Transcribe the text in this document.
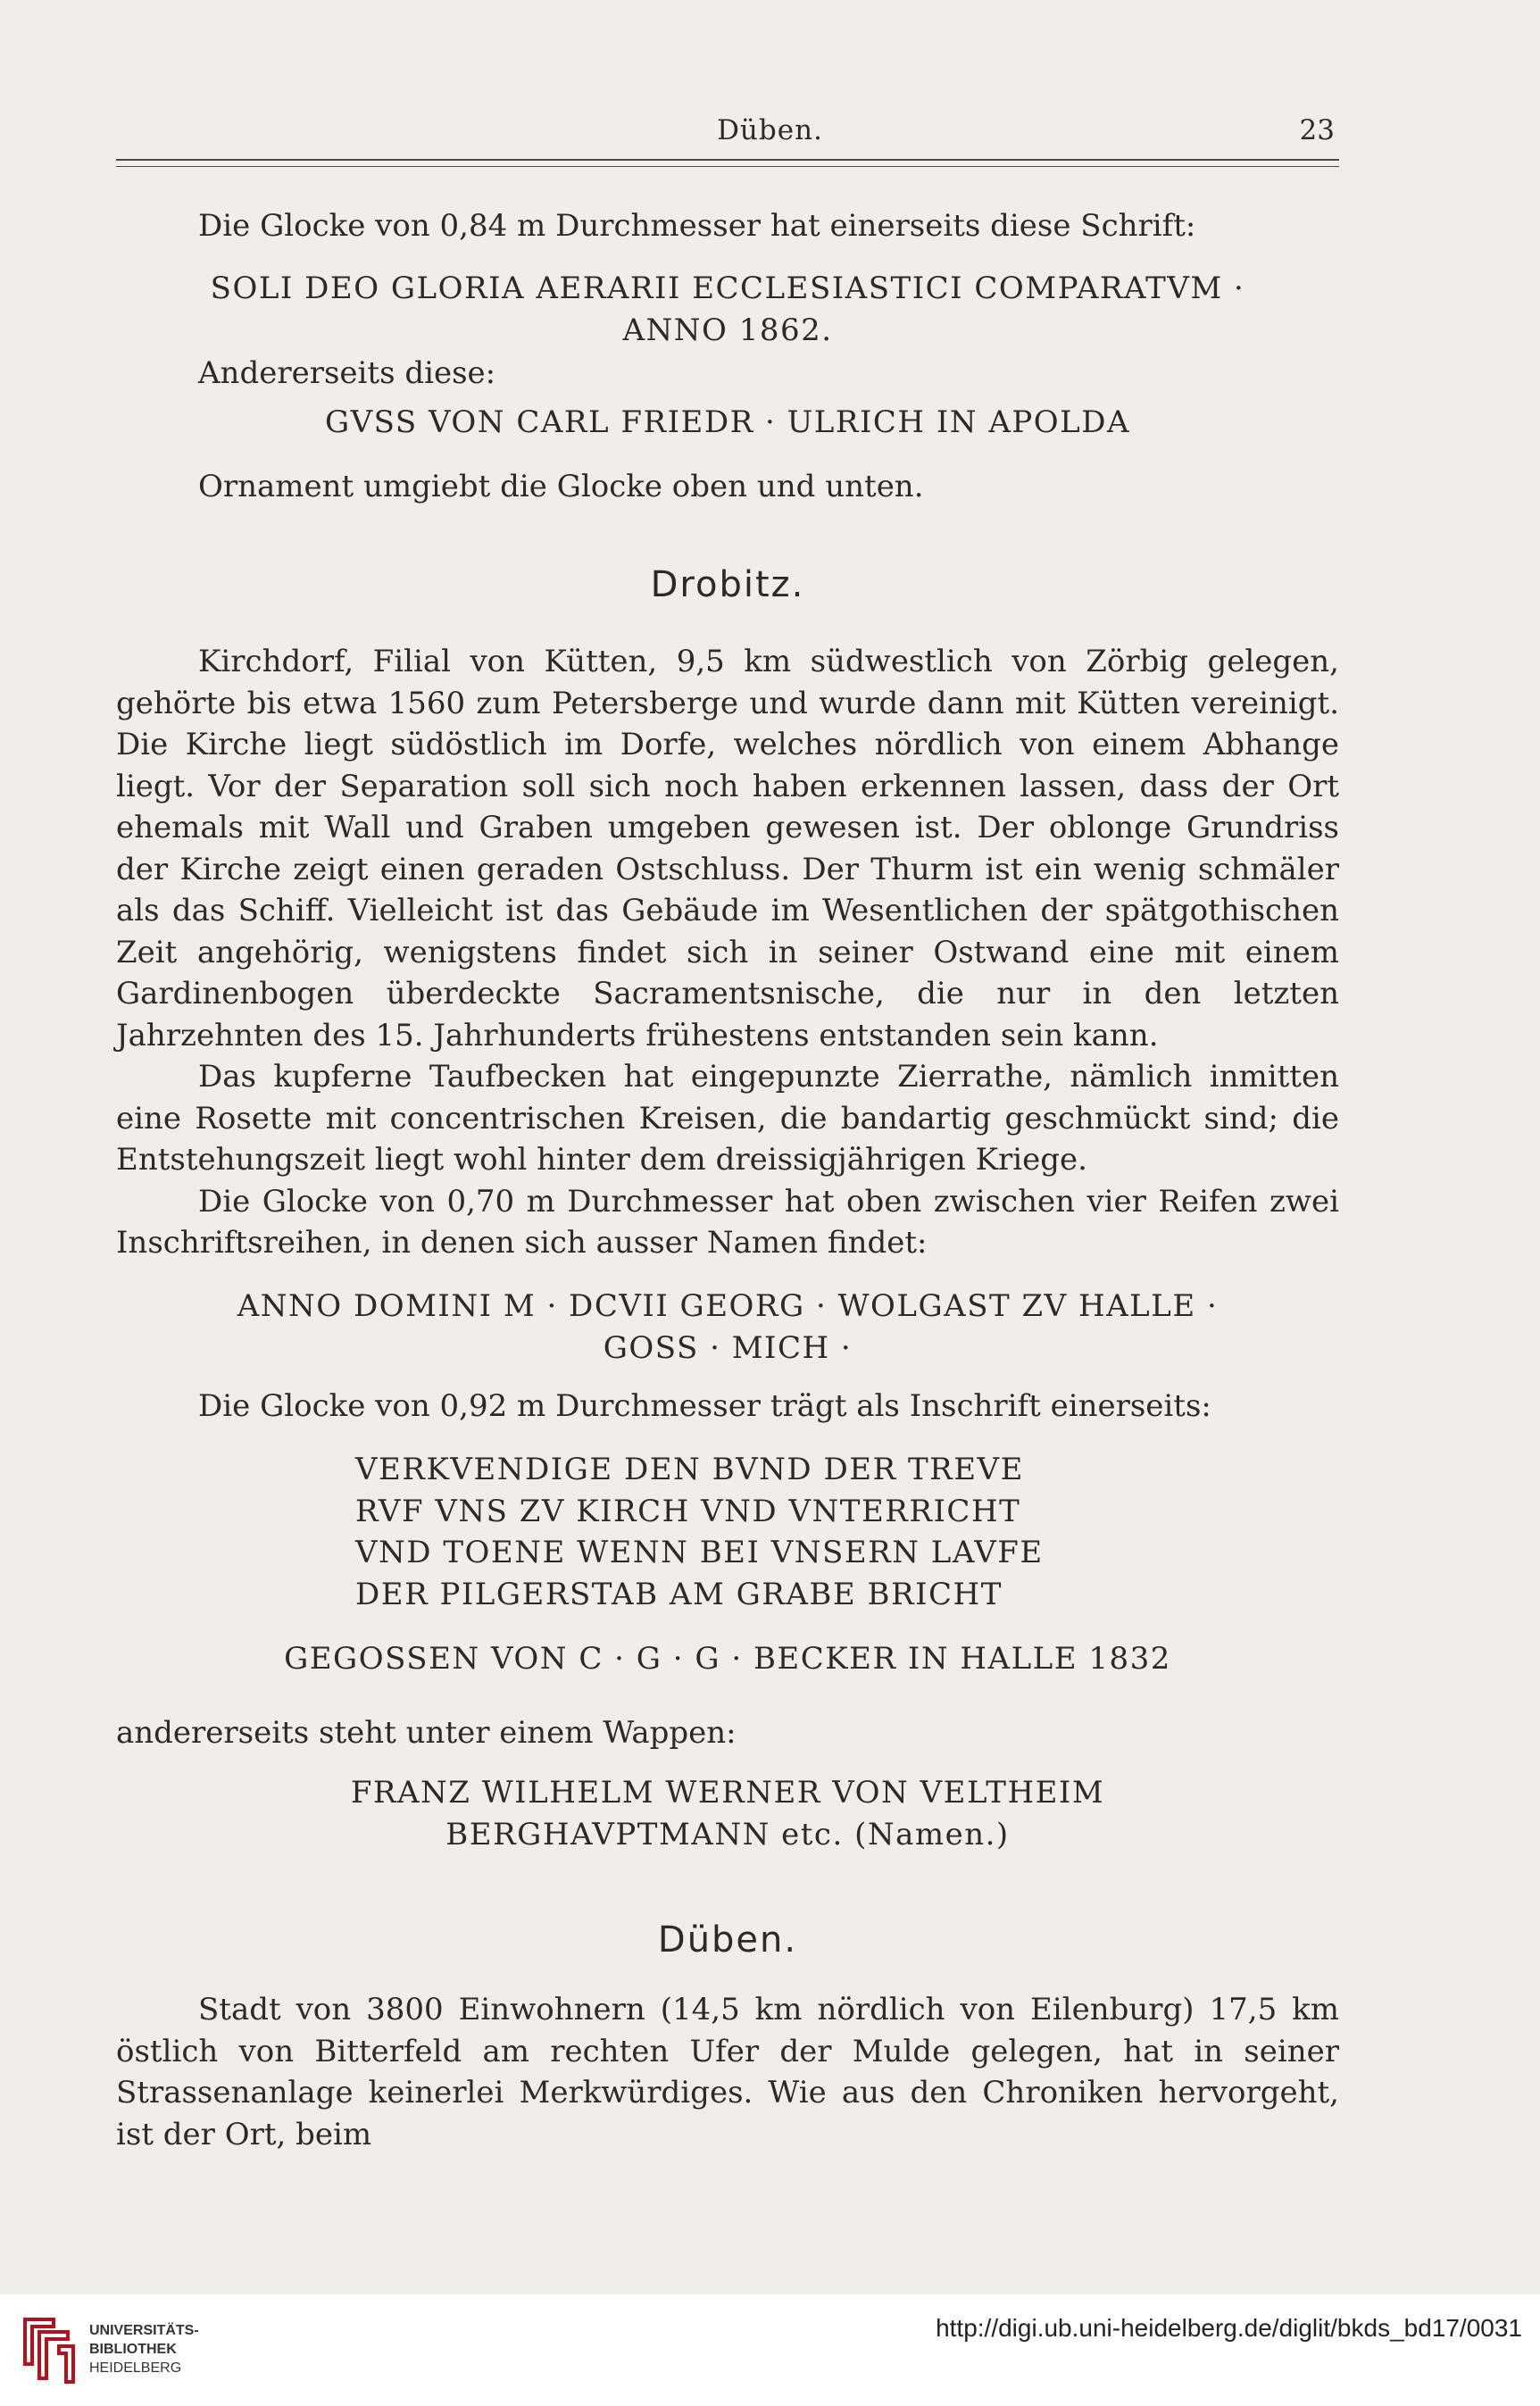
Düben.	23

Die Glocke von 0,84 m Durchmesser hat einerseits diese Schrift:

SOLI DEO GLORIA AERARII ECCLESIASTICI COMPARATVM ·

ANNO 1862.

Andererseits diese:

GVSS VON CARL FRIEDR · ULRICH IN APOLDA

Ornament umgiebt die Glocke oben und unten.

Drobitz.

Kirchdorf, Filial von Kütten, 9,5 km südwestlich von Zörbig gelegen, gehörte bis etwa 1560 zum Petersberge und wurde dann mit Kütten vereinigt. Die Kirche liegt südöstlich im Dorfe, welches nördlich von einem Abhange liegt. Vor der Separation soll sich noch haben erkennen lassen, dass der Ort ehemals mit Wall und Graben umgeben gewesen ist. Der oblonge Grundriss der Kirche zeigt einen geraden Ostschluss. Der Thurm ist ein wenig schmäler als das Schiff. Vielleicht ist das Gebäude im Wesentlichen der spätgothischen Zeit angehörig, wenigstens findet sich in seiner Ostwand eine mit einem Gardinenbogen überdeckte Sacramentsnische, die nur in den letzten Jahrzehnten des 15. Jahrhunderts frühestens entstanden sein kann.

Das kupferne Taufbecken hat eingepunzte Zierrathe, nämlich inmitten eine Rosette mit concentrischen Kreisen, die bandartig geschmückt sind; die Entstehungszeit liegt wohl hinter dem dreissigjährigen Kriege.

Die Glocke von 0,70 m Durchmesser hat oben zwischen vier Reifen zwei Inschriftsreihen, in denen sich ausser Namen findet:

ANNO DOMINI M · DCVII GEORG · WOLGAST ZV HALLE ·

GOSS · MICH ·

Die Glocke von 0,92 m Durchmesser trägt als Inschrift einerseits:

VERKVENDIGE DEN BVND DER TREVE

RVF VNS ZV KIRCH VND VNTERRICHT

VND TOENE WENN BEI VNSERN LAVFE

DER PILGERSTAB AM GRABE BRICHT

GEGOSSEN VON C · G · G · BECKER IN HALLE 1832

andererseits steht unter einem Wappen:

FRANZ WILHELM WERNER VON VELTHEIM

BERGHAVPTMANN etc. (Namen.)

Düben.

Stadt von 3800 Einwohnern (14,5 km nördlich von Eilenburg) 17,5 km östlich von Bitterfeld am rechten Ufer der Mulde gelegen, hat in seiner Strassenanlage keinerlei Merkwürdiges. Wie aus den Chroniken hervorgeht, ist der Ort, beim

UNIVERSITÄTS-
BIBLIOTHEK
HEIDELBERG
http://digi.ub.uni-heidelberg.de/diglit/bkds_bd17/0031
